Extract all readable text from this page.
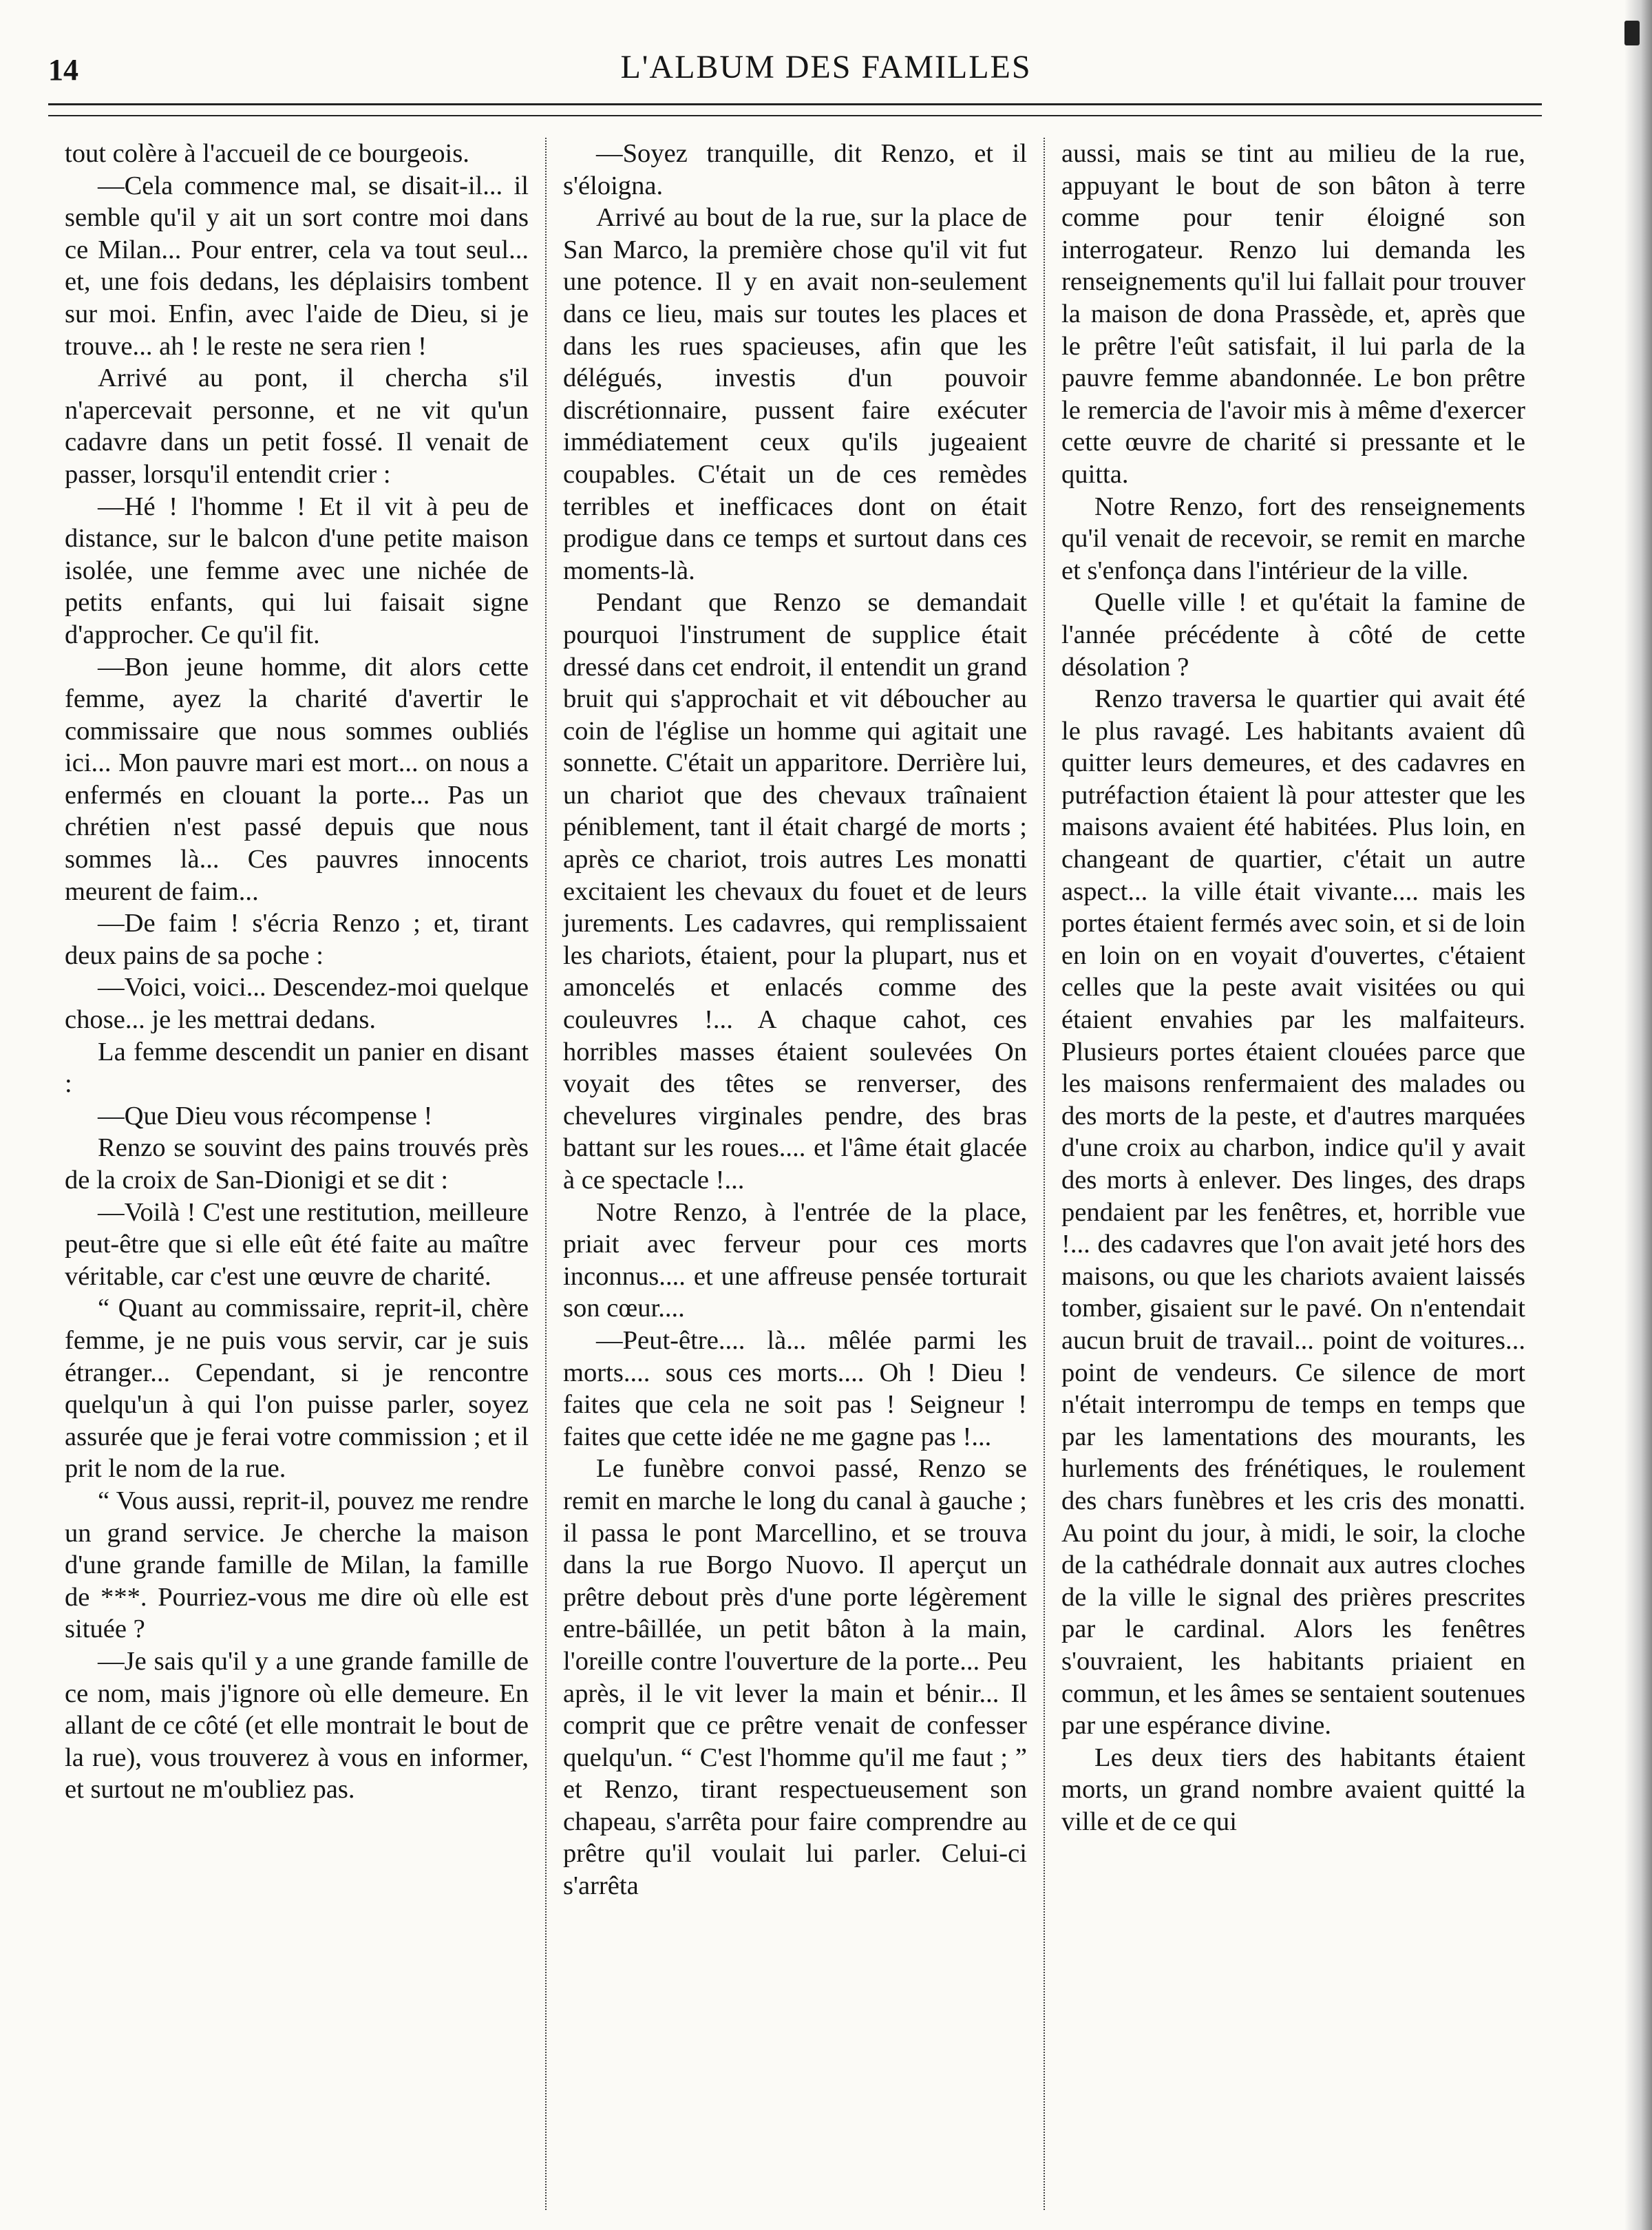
14	L'ALBUM DES FAMILLES

tout colère à l'accueil de ce bourgeois.

—Cela commence mal, se disait-il... il semble qu'il y ait un sort contre moi dans ce Milan... Pour entrer, cela va tout seul... et, une fois dedans, les déplaisirs tombent sur moi. Enfin, avec l'aide de Dieu, si je trouve... ah ! le reste ne sera rien !

Arrivé au pont, il chercha s'il n'apercevait personne, et ne vit qu'un cadavre dans un petit fossé. Il venait de passer, lorsqu'il entendit crier :

—Hé ! l'homme ! Et il vit à peu de distance, sur le balcon d'une petite maison isolée, une femme avec une nichée de petits enfants, qui lui faisait signe d'approcher. Ce qu'il fit.

—Bon jeune homme, dit alors cette femme, ayez la charité d'avertir le commissaire que nous sommes oubliés ici... Mon pauvre mari est mort... on nous a enfermés en clouant la porte... Pas un chrétien n'est passé depuis que nous sommes là... Ces pauvres innocents meurent de faim...

—De faim ! s'écria Renzo ; et, tirant deux pains de sa poche :

—Voici, voici... Descendez-moi quelque chose... je les mettrai dedans.

La femme descendit un panier en disant :

—Que Dieu vous récompense !

Renzo se souvint des pains trouvés près de la croix de San-Dionigi et se dit :

—Voilà ! C'est une restitution, meilleure peut-être que si elle eût été faite au maître véritable, car c'est une œuvre de charité.

“ Quant au commissaire, reprit-il, chère femme, je ne puis vous servir, car je suis étranger... Cependant, si je rencontre quelqu'un à qui l'on puisse parler, soyez assurée que je ferai votre commission ; et il prit le nom de la rue.

“ Vous aussi, reprit-il, pouvez me rendre un grand service. Je cherche la maison d'une grande famille de Milan, la famille de ***. Pourriez-vous me dire où elle est située ?

—Je sais qu'il y a une grande famille de ce nom, mais j'ignore où elle demeure. En allant de ce côté (et elle montrait le bout de la rue), vous trouverez à vous en informer, et surtout ne m'oubliez pas.

—Soyez tranquille, dit Renzo, et il s'éloigna.

Arrivé au bout de la rue, sur la place de San Marco, la première chose qu'il vit fut une potence. Il y en avait non-seulement dans ce lieu, mais sur toutes les places et dans les rues spacieuses, afin que les délégués, investis d'un pouvoir discrétionnaire, pussent faire exécuter immédiatement ceux qu'ils jugeaient coupables. C'était un de ces remèdes terribles et inefficaces dont on était prodigue dans ce temps et surtout dans ces moments-là.

Pendant que Renzo se demandait pourquoi l'instrument de supplice était dressé dans cet endroit, il entendit un grand bruit qui s'approchait et vit déboucher au coin de l'église un homme qui agitait une sonnette. C'était un apparitore. Derrière lui, un chariot que des chevaux traînaient péniblement, tant il était chargé de morts ; après ce chariot, trois autres Les monatti excitaient les chevaux du fouet et de leurs jurements. Les cadavres, qui remplissaient les chariots, étaient, pour la plupart, nus et amoncelés et enlacés comme des couleuvres !... A chaque cahot, ces horribles masses étaient soulevées On voyait des têtes se renverser, des chevelures virginales pendre, des bras battant sur les roues.... et l'âme était glacée à ce spectacle !...

Notre Renzo, à l'entrée de la place, priait avec ferveur pour ces morts inconnus.... et une affreuse pensée torturait son cœur....

—Peut-être.... là... mêlée parmi les morts.... sous ces morts.... Oh ! Dieu ! faites que cela ne soit pas ! Seigneur ! faites que cette idée ne me gagne pas !...

Le funèbre convoi passé, Renzo se remit en marche le long du canal à gauche ; il passa le pont Marcellino, et se trouva dans la rue Borgo Nuovo. Il aperçut un prêtre debout près d'une porte légèrement entre-bâillée, un petit bâton à la main, l'oreille contre l'ouverture de la porte... Peu après, il le vit lever la main et bénir... Il comprit que ce prêtre venait de confesser quelqu'un. “ C'est l'homme qu'il me faut ; ” et Renzo, tirant respectueusement son chapeau, s'arrêta pour faire comprendre au prêtre qu'il voulait lui parler. Celui-ci s'arrêta

aussi, mais se tint au milieu de la rue, appuyant le bout de son bâton à terre comme pour tenir éloigné son interrogateur. Renzo lui demanda les renseignements qu'il lui fallait pour trouver la maison de dona Prassède, et, après que le prêtre l'eût satisfait, il lui parla de la pauvre femme abandonnée. Le bon prêtre le remercia de l'avoir mis à même d'exercer cette œuvre de charité si pressante et le quitta.

Notre Renzo, fort des renseignements qu'il venait de recevoir, se remit en marche et s'enfonça dans l'intérieur de la ville.

Quelle ville ! et qu'était la famine de l'année précédente à côté de cette désolation ?

Renzo traversa le quartier qui avait été le plus ravagé. Les habitants avaient dû quitter leurs demeures, et des cadavres en putréfaction étaient là pour attester que les maisons avaient été habitées. Plus loin, en changeant de quartier, c'était un autre aspect... la ville était vivante.... mais les portes étaient fermés avec soin, et si de loin en loin on en voyait d'ouvertes, c'étaient celles que la peste avait visitées ou qui étaient envahies par les malfaiteurs. Plusieurs portes étaient clouées parce que les maisons renfermaient des malades ou des morts de la peste, et d'autres marquées d'une croix au charbon, indice qu'il y avait des morts à enlever. Des linges, des draps pendaient par les fenêtres, et, horrible vue !... des cadavres que l'on avait jeté hors des maisons, ou que les chariots avaient laissés tomber, gisaient sur le pavé. On n'entendait aucun bruit de travail... point de voitures... point de vendeurs. Ce silence de mort n'était interrompu de temps en temps que par les lamentations des mourants, les hurlements des frénétiques, le roulement des chars funèbres et les cris des monatti. Au point du jour, à midi, le soir, la cloche de la cathédrale donnait aux autres cloches de la ville le signal des prières prescrites par le cardinal. Alors les fenêtres s'ouvraient, les habitants priaient en commun, et les âmes se sentaient soutenues par une espérance divine.

Les deux tiers des habitants étaient morts, un grand nombre avaient quitté la ville et de ce qui
